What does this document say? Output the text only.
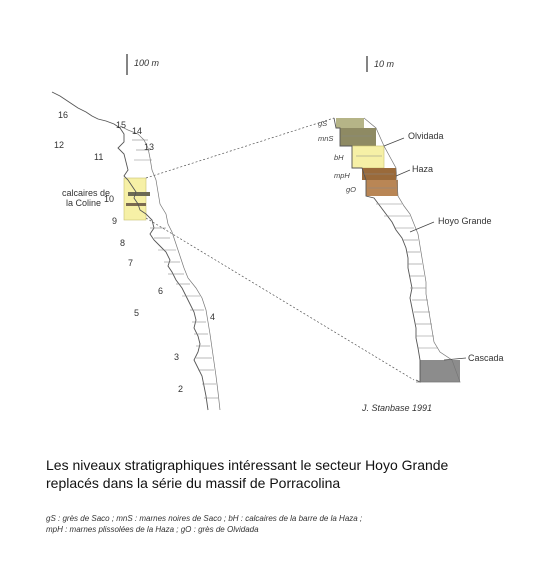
100 m
16
15
14
12
11
13
10
9
8
7
6
5	4
3
2
calcaires de
la Coline
10 m
gS
mnS
bH
mpH
gO
Olvidada
Haza
Hoyo Grande
Cascada
J. Stanbase 1991
Les niveaux stratigraphiques intéressant le secteur Hoyo Grande
replacés dans la série du massif de Porracolina
gS : grès de Saco ; mnS : marnes noires de Saco ; bH : calcaires de la barre de la Haza ;
mpH : marnes plissolées de la Haza ; gO : grès de Olvidada
